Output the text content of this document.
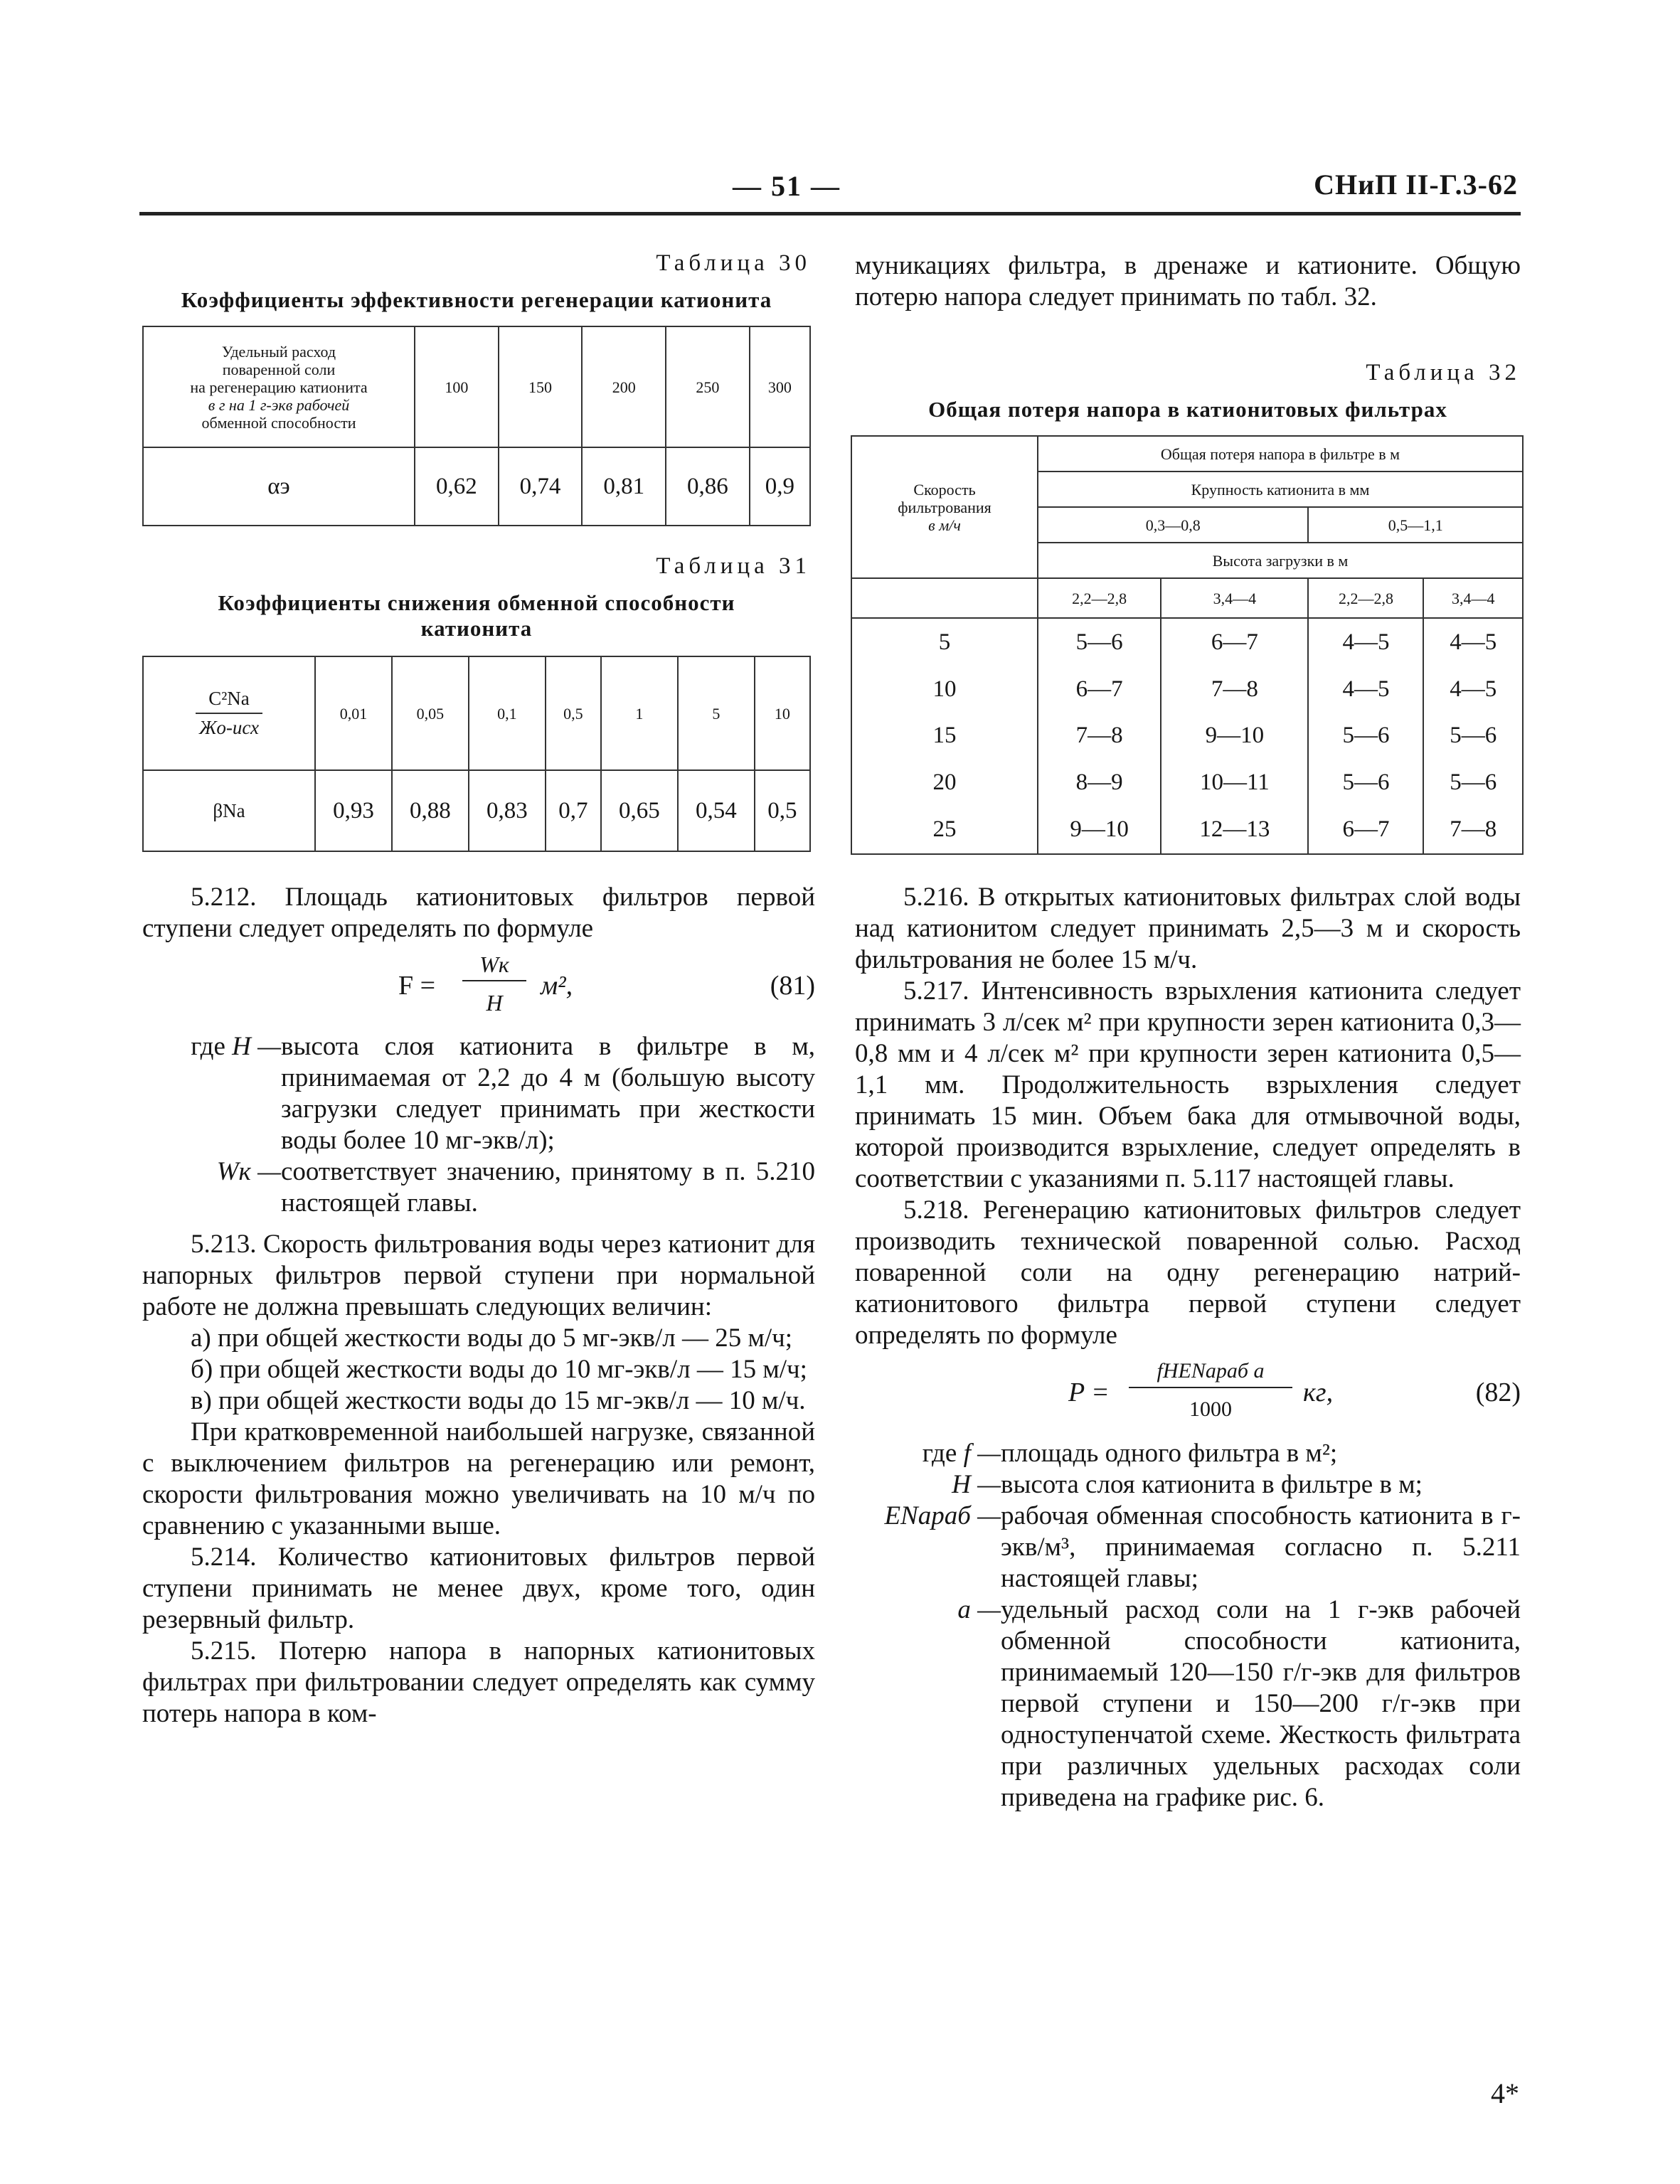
— 51 —	СНиП II-Г.3-62
Таблица 30
Коэффициенты эффективности регенерации катионита
Удельный расход
поваренной соли
на регенерацию катионита
в г на 1 г-экв рабочей
обменной способности	100	150	200	250	300
αэ	0,62	0,74	0,81	0,86	0,9
Таблица 31
Коэффициенты снижения обменной способности
катионита
C²Na
Жо-исх	0,01	0,05	0,1	0,5	1	5	10
βNa	0,93	0,88	0,83	0,7	0,65	0,54	0,5

5.212. Площадь катионитовых фильтров первой ступени следует определять по формуле

F =
Wк
H
м²,	(81)
где H — высота слоя катионита в фильтре в м, принимаемая от 2,2 до 4 м (большую высоту загрузки следует принимать при жесткости воды более 10 мг-экв/л);
Wк — соответствует значению, принятому в п. 5.210 настоящей главы.

5.213. Скорость фильтрования воды через катионит для напорных фильтров первой ступени при нормальной работе не должна превышать следующих величин:

а) при общей жесткости воды до 5 мг-экв/л — 25 м/ч;

б) при общей жесткости воды до 10 мг-экв/л — 15 м/ч;

в) при общей жесткости воды до 15 мг-экв/л — 10 м/ч.

При кратковременной наибольшей нагрузке, связанной с выключением фильтров на регенерацию или ремонт, скорости фильтрования можно увеличивать на 10 м/ч по сравнению с указанными выше.

5.214. Количество катионитовых фильтров первой ступени принимать не менее двух, кроме того, один резервный фильтр.

5.215. Потерю напора в напорных катионитовых фильтрах при фильтровании следует определять как сумму потерь напора в ком-

муникациях фильтра, в дренаже и катионите. Общую потерю напора следует принимать по табл. 32.
Таблица 32
Общая потеря напора в катионитовых фильтрах
Скорость
фильтрования
в м/ч	Общая потеря напора в фильтре в м			
	Крупность катионита в мм			
	0,3—0,8		0,5—1,1	
	Высота загрузки в м			
	2,2—2,8	3,4—4	2,2—2,8	3,4—4
5	5—6	6—7	4—5	4—5
10	6—7	7—8	4—5	4—5
15	7—8	9—10	5—6	5—6
20	8—9	10—11	5—6	5—6
25	9—10	12—13	6—7	7—8

5.216. В открытых катионитовых фильтрах слой воды над катионитом следует принимать 2,5—3 м и скорость фильтрования не более 15 м/ч.

5.217. Интенсивность взрыхления катионита следует принимать 3 л/сек м² при крупности зерен катионита 0,3—0,8 мм и 4 л/сек м² при крупности зерен катионита 0,5—1,1 мм. Продолжительность взрыхления следует принимать 15 мин. Объем бака для отмывочной воды, которой производится взрыхление, следует определять в соответствии с указаниями п. 5.117 настоящей главы.

5.218. Регенерацию катионитовых фильтров следует производить технической поваренной солью. Расход поваренной соли на одну регенерацию натрий-катионитового фильтра первой ступени следует определять по формуле

P =
fHENaраб a
1000
кг,	(82)
где f — площадь одного фильтра в м²;
H — высота слоя катионита в фильтре в м;
ENaраб — рабочая обменная способность катионита в г-экв/м³, принимаемая согласно п. 5.211 настоящей главы;
a — удельный расход соли на 1 г-экв рабочей обменной способности катионита, принимаемый 120—150 г/г-экв для фильтров первой ступени и 150—200 г/г-экв при одноступенчатой схеме. Жесткость фильтрата при различных удельных расходах соли приведена на графике рис. 6.
4*
